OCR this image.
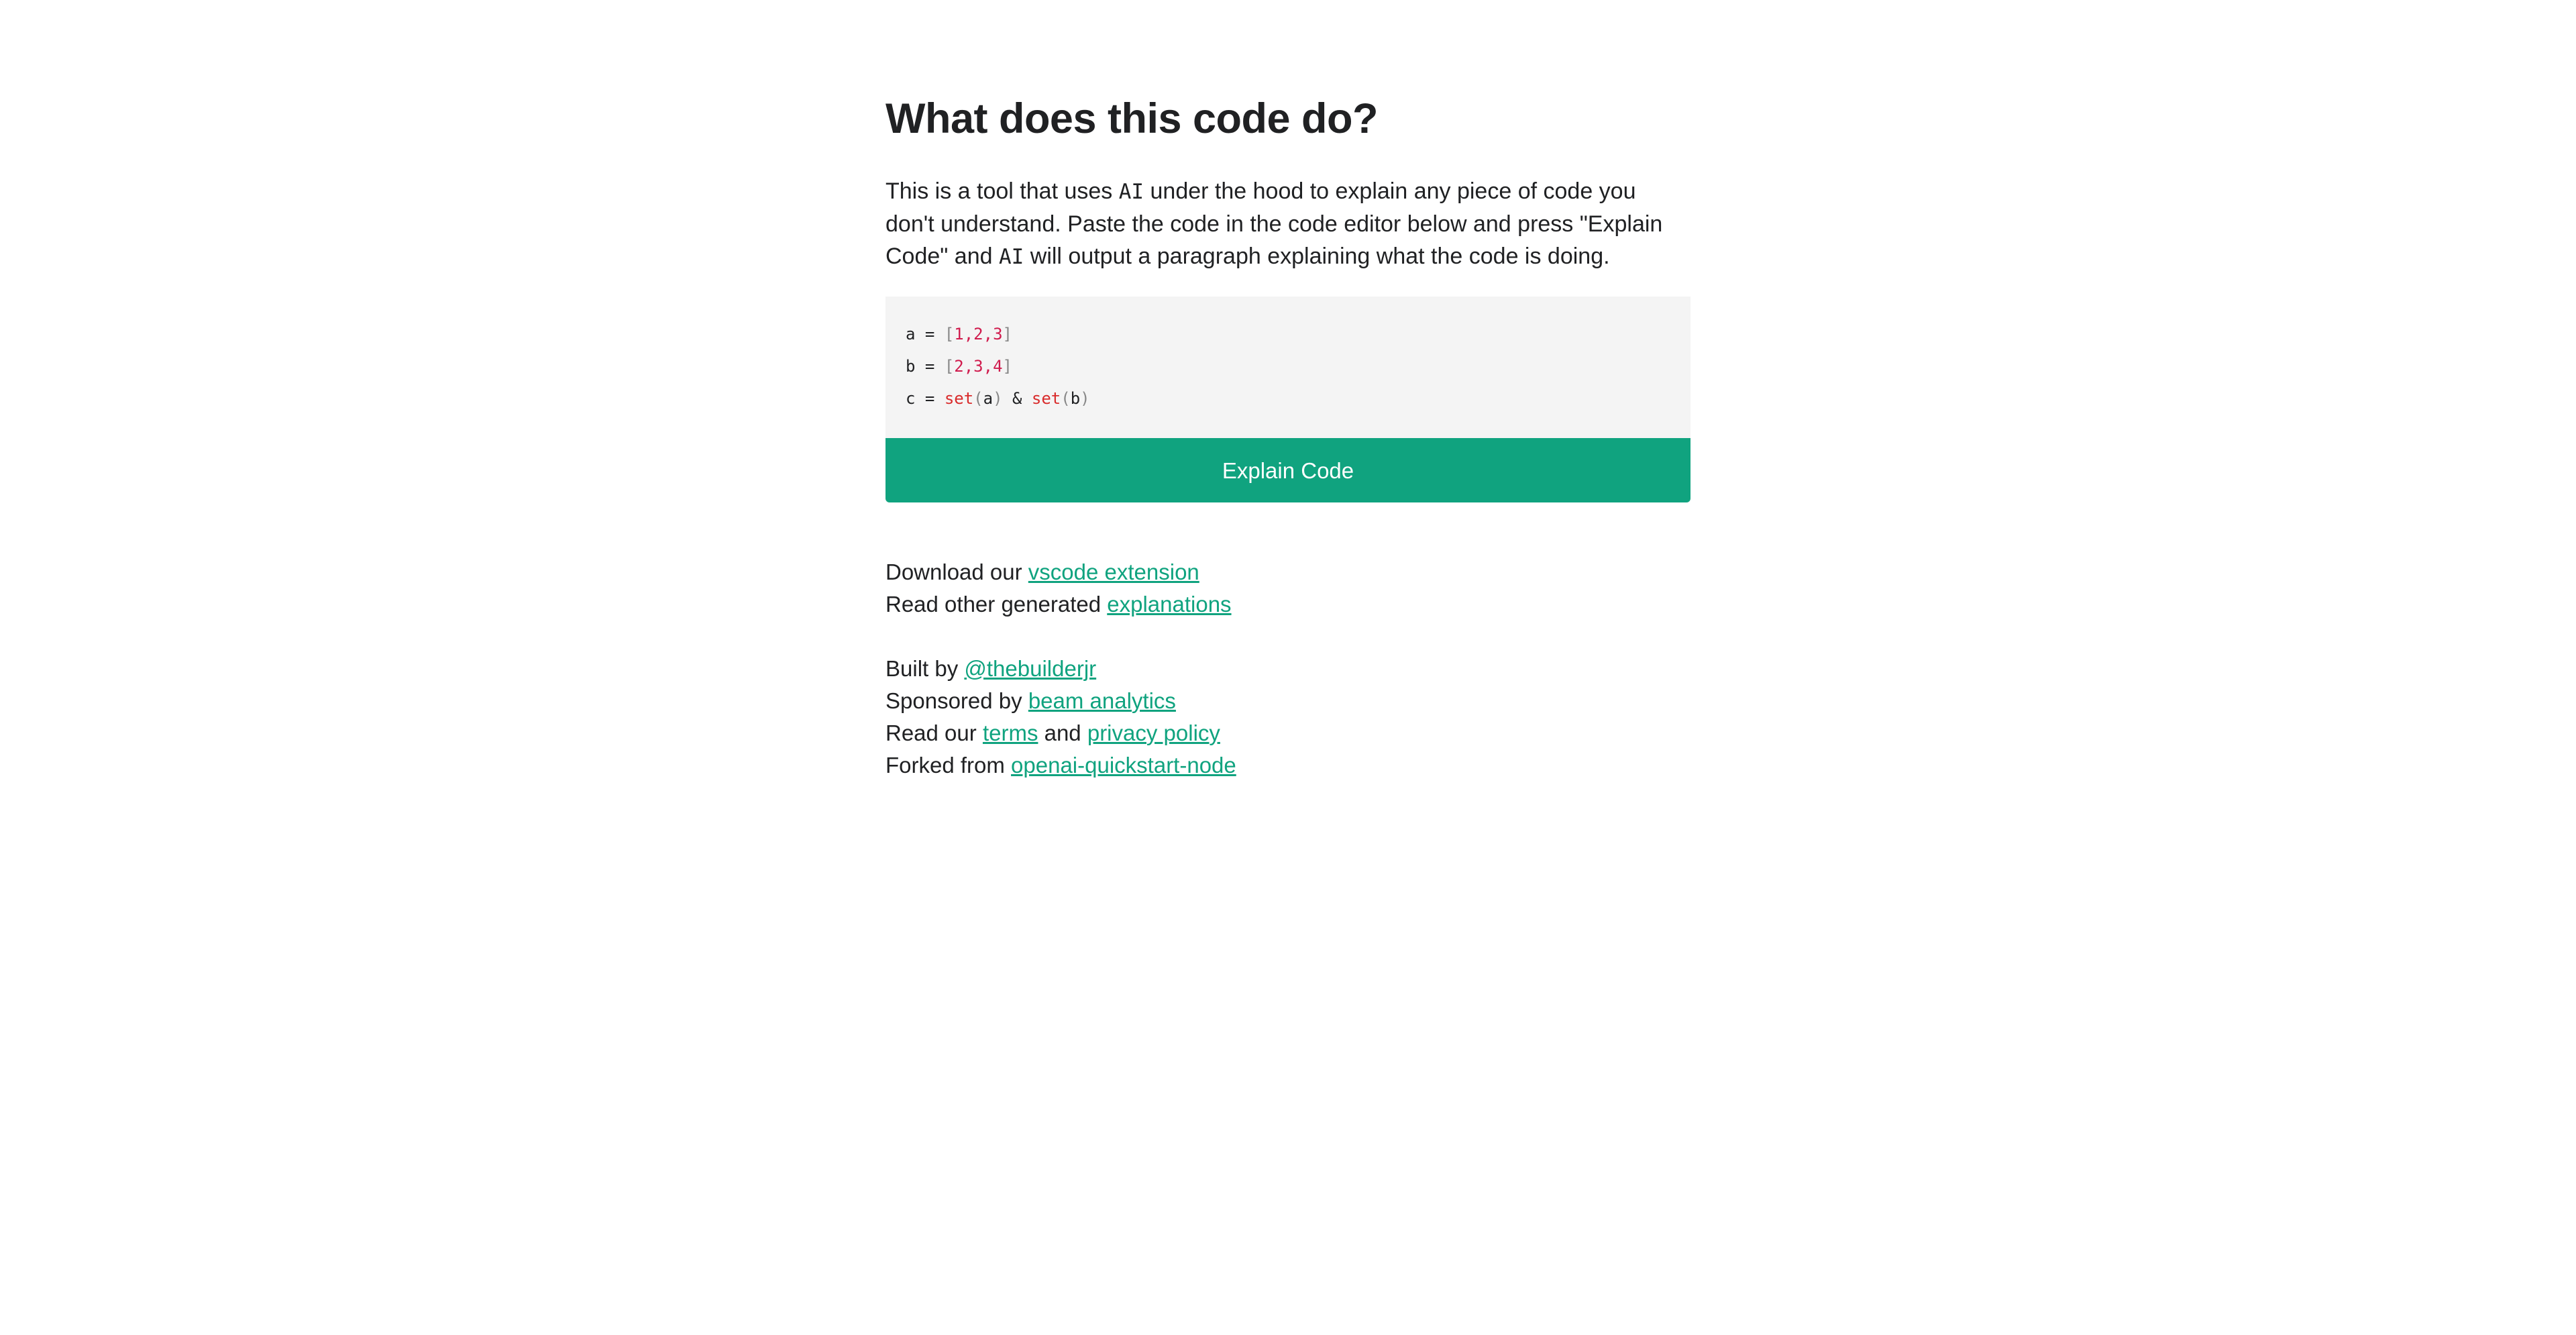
What does this code do?

This is a tool that uses AI under the hood to explain any piece of code you don't understand. Paste the code in the code editor below and press "Explain Code" and AI will output a paragraph explaining what the code is doing.

a = [1,2,3]
b = [2,3,4]
c = set(a) & set(b)
Explain Code
Download our vscode extension
Read other generated explanations
Built by @thebuilderjr
Sponsored by beam analytics
Read our terms and privacy policy
Forked from openai-quickstart-node
